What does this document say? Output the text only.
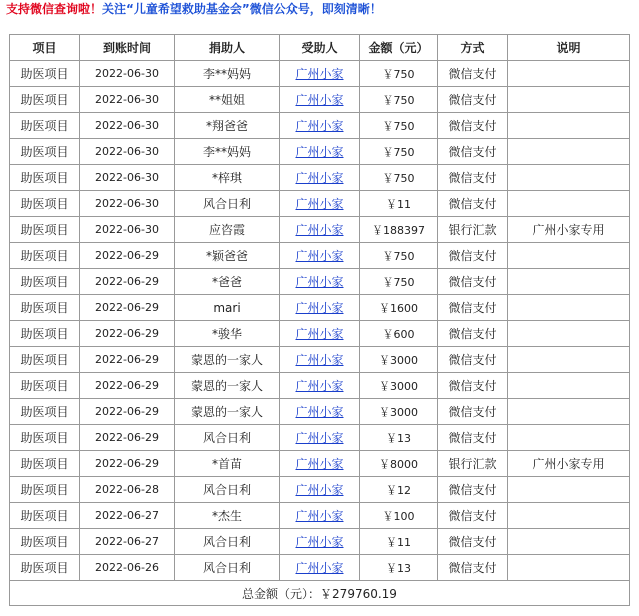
支持微信查询啦！关注“儿童希望救助基金会”微信公众号，即刻清晰！
项目	到账时间	捐助人	受助人	金额（元）	方式	说明
助医项目	2022-06-30	李**妈妈	广州小家	￥750	微信支付	
助医项目	2022-06-30	**姐姐	广州小家	￥750	微信支付	
助医项目	2022-06-30	*翔爸爸	广州小家	￥750	微信支付	
助医项目	2022-06-30	李**妈妈	广州小家	￥750	微信支付	
助医项目	2022-06-30	*梓琪	广州小家	￥750	微信支付	
助医项目	2022-06-30	风合日利	广州小家	￥11	微信支付	
助医项目	2022-06-30	应咨霞	广州小家	￥188397	银行汇款	广州小家专用
助医项目	2022-06-29	*颖爸爸	广州小家	￥750	微信支付	
助医项目	2022-06-29	*爸爸	广州小家	￥750	微信支付	
助医项目	2022-06-29	mari	广州小家	￥1600	微信支付	
助医项目	2022-06-29	*骏华	广州小家	￥600	微信支付	
助医项目	2022-06-29	蒙恩的一家人	广州小家	￥3000	微信支付	
助医项目	2022-06-29	蒙恩的一家人	广州小家	￥3000	微信支付	
助医项目	2022-06-29	蒙恩的一家人	广州小家	￥3000	微信支付	
助医项目	2022-06-29	风合日利	广州小家	￥13	微信支付	
助医项目	2022-06-29	*首苗	广州小家	￥8000	银行汇款	广州小家专用
助医项目	2022-06-28	风合日利	广州小家	￥12	微信支付	
助医项目	2022-06-27	*杰生	广州小家	￥100	微信支付	
助医项目	2022-06-27	风合日利	广州小家	￥11	微信支付	
助医项目	2022-06-26	风合日利	广州小家	￥13	微信支付	
总金额（元）：￥279760.19						
